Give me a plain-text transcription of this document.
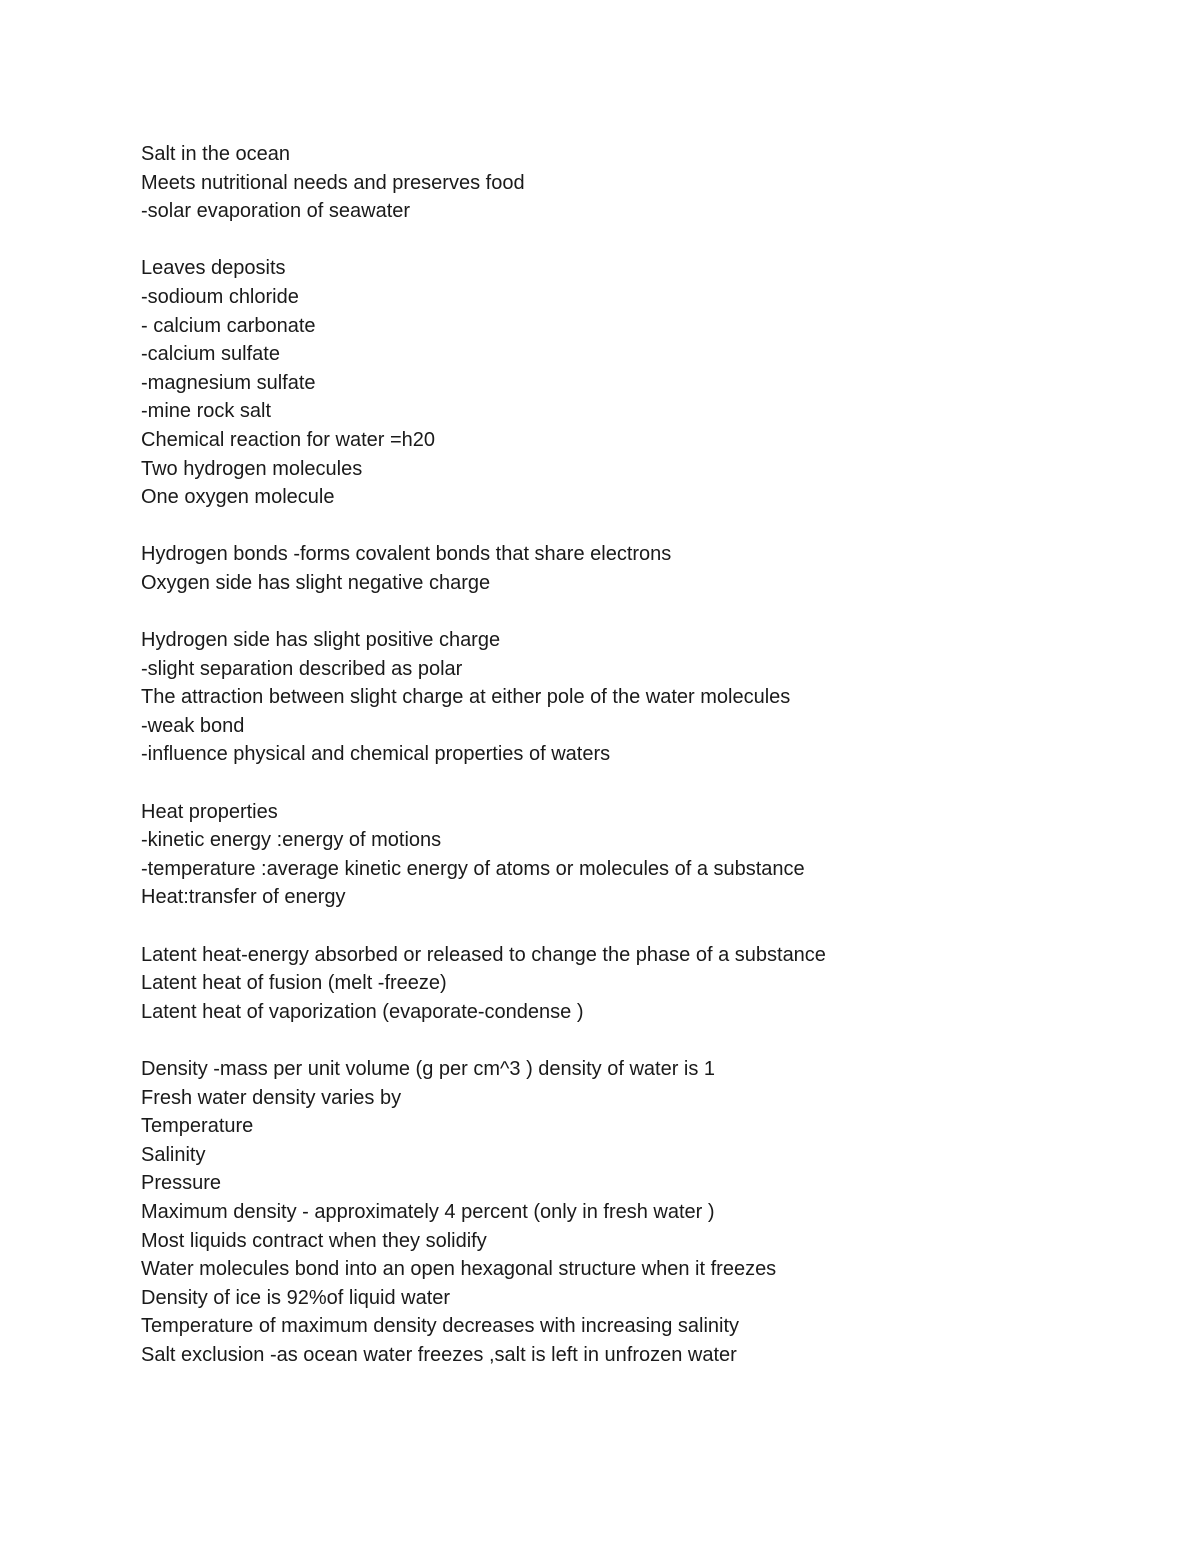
Salt in the ocean
Meets nutritional needs and preserves food
-solar evaporation of seawater
Leaves deposits
-sodioum chloride
- calcium carbonate
-calcium sulfate
-magnesium sulfate
-mine rock salt
Chemical reaction for water =h20
Two hydrogen molecules
One oxygen molecule
Hydrogen bonds -forms covalent bonds that share electrons
Oxygen side has slight negative charge
Hydrogen side has slight positive charge
-slight separation described as polar
The attraction between slight charge at either pole of the water molecules
-weak bond
-influence physical and chemical properties of waters
Heat properties
-kinetic energy :energy of motions
-temperature :average kinetic energy of atoms or molecules of a substance
Heat:transfer of energy
Latent heat-energy absorbed or released to change the phase of a substance
Latent heat of fusion (melt -freeze)
Latent heat of vaporization (evaporate-condense )
Density -mass per unit volume (g per cm^3 ) density of water is 1
Fresh water density varies by
Temperature
Salinity
Pressure
Maximum density - approximately 4 percent (only in fresh water )
Most liquids contract when they solidify
Water molecules bond into an open hexagonal structure when it freezes
Density of ice is 92%of liquid water
Temperature of maximum density decreases with increasing salinity
Salt exclusion -as ocean water freezes ,salt is left in unfrozen water
